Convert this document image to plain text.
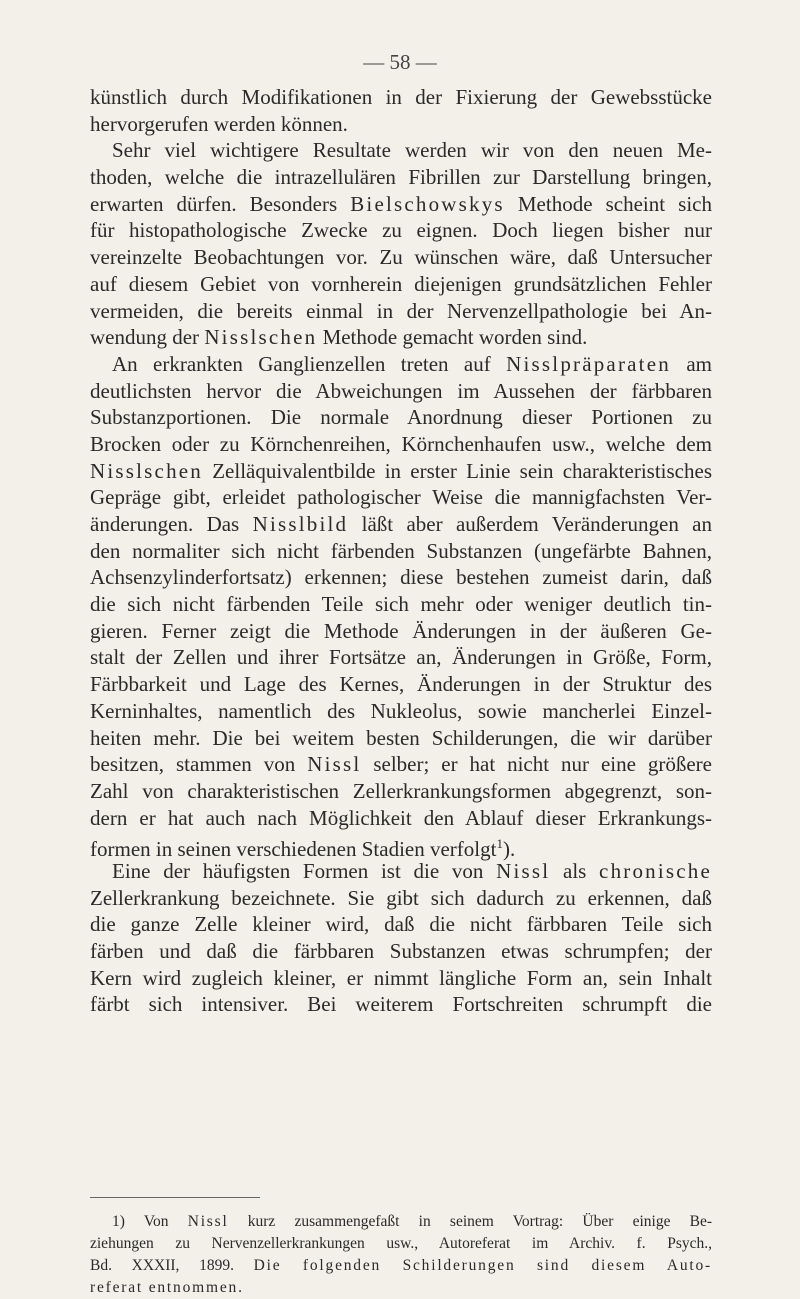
— 58 —
künstlich durch Modifikationen in der Fixierung der Gewebsstücke
hervorgerufen werden können.
Sehr viel wichtigere Resultate werden wir von den neuen Me-
thoden, welche die intrazellulären Fibrillen zur Darstellung bringen,
erwarten dürfen. Besonders Bielschowskys Methode scheint sich
für histopathologische Zwecke zu eignen. Doch liegen bisher nur
vereinzelte Beobachtungen vor. Zu wünschen wäre, daß Untersucher
auf diesem Gebiet von vornherein diejenigen grundsätzlichen Fehler
vermeiden, die bereits einmal in der Nervenzellpathologie bei An-
wendung der Nisslschen Methode gemacht worden sind.
An erkrankten Ganglienzellen treten auf Nisslpräparaten am
deutlichsten hervor die Abweichungen im Aussehen der färbbaren
Substanzportionen. Die normale Anordnung dieser Portionen zu
Brocken oder zu Körnchenreihen, Körnchenhaufen usw., welche dem
Nisslschen Zelläquivalentbilde in erster Linie sein charakteristisches
Gepräge gibt, erleidet pathologischer Weise die mannigfachsten Ver-
änderungen. Das Nisslbild läßt aber außerdem Veränderungen an
den normaliter sich nicht färbenden Substanzen (ungefärbte Bahnen,
Achsenzylinderfortsatz) erkennen; diese bestehen zumeist darin, daß
die sich nicht färbenden Teile sich mehr oder weniger deutlich tin-
gieren. Ferner zeigt die Methode Änderungen in der äußeren Ge-
stalt der Zellen und ihrer Fortsätze an, Änderungen in Größe, Form,
Färbbarkeit und Lage des Kernes, Änderungen in der Struktur des
Kerninhaltes, namentlich des Nukleolus, sowie mancherlei Einzel-
heiten mehr. Die bei weitem besten Schilderungen, die wir darüber
besitzen, stammen von Nissl selber; er hat nicht nur eine größere
Zahl von charakteristischen Zellerkrankungsformen abgegrenzt, son-
dern er hat auch nach Möglichkeit den Ablauf dieser Erkrankungs-
formen in seinen verschiedenen Stadien verfolgt$^1$).
Eine der häufigsten Formen ist die von Nissl als chronische
Zellerkrankung bezeichnete. Sie gibt sich dadurch zu erkennen, daß
die ganze Zelle kleiner wird, daß die nicht färbbaren Teile sich
färben und daß die färbbaren Substanzen etwas schrumpfen; der
Kern wird zugleich kleiner, er nimmt längliche Form an, sein Inhalt
färbt sich intensiver. Bei weiterem Fortschreiten schrumpft die
1) Von Nissl kurz zusammengefaßt in seinem Vortrag: Über einige Be-
ziehungen zu Nervenzellerkrankungen usw., Autoreferat im Archiv. f. Psych.,
Bd. XXXII, 1899. Die folgenden Schilderungen sind diesem Auto-
referat entnommen.
